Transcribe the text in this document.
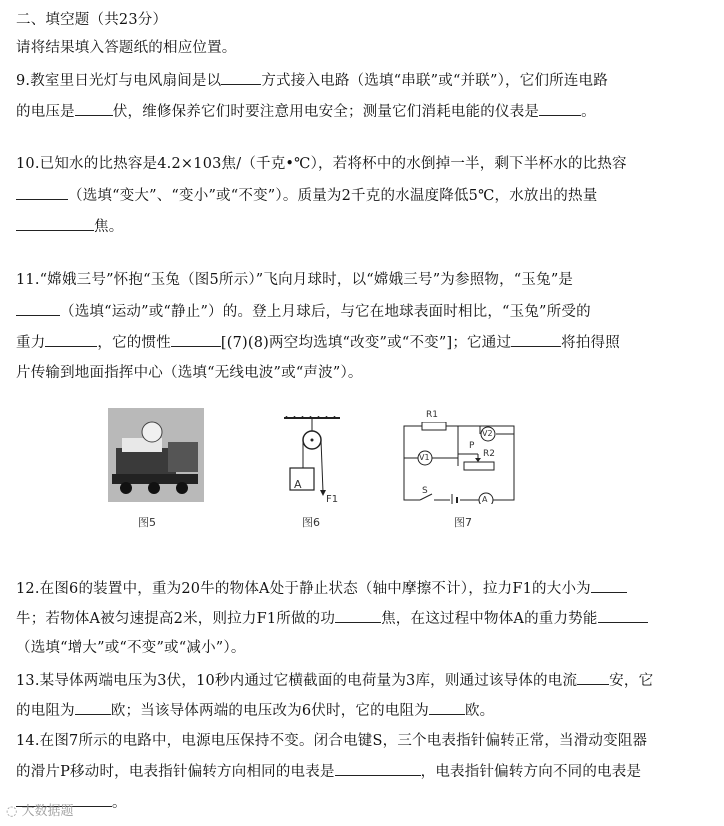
二、填空题（共23分）
请将结果填入答题纸的相应位置。
9.教室里日光灯与电风扇间是以	方式接入电路（选填“串联”或“并联”），它们所连电路
的电压是	伏，维修保养它们时要注意用电安全；测量它们消耗电能的仪表是	。
10.已知水的比热容是4.2×103焦/（千克•℃），若将杯中的水倒掉一半，剩下半杯水的比热容
（选填“变大”、“变小”或“不变”）。质量为2千克的水温度降低5℃，水放出的热量
焦。
11.“嫦娥三号”怀抱“玉兔（图5所示）”飞向月球时，以“嫦娥三号”为参照物，“玉兔”是
（选填“运动”或“静止”）的。登上月球后，与它在地球表面时相比，“玉兔”所受的
重力	，它的惯性	[(7)(8)两空均选填“改变”或“不变”]；它通过	将拍得照
片传输到地面指挥中心（选填“无线电波”或“声波”）。
图5
A
F1
图6
R1
R2
P
S
V1
V2
A
图7
12.在图6的装置中，重为20牛的物体A处于静止状态（轴中摩擦不计），拉力F1的大小为
牛；若物体A被匀速提高2米，则拉力F1所做的功	焦，在这过程中物体A的重力势能
（选填“增大”或“不变”或“减小”）。
13.某导体两端电压为3伏，10秒内通过它横截面的电荷量为3库，则通过该导体的电流 安，它
的电阻为 欧；当该导体两端的电压改为6伏时，它的电阻为 欧。
14.在图7所示的电路中，电源电压保持不变。闭合电键S，三个电表指针偏转正常，当滑动变阻器
的滑片P移动时，电表指针偏转方向相同的电表是	，电表指针偏转方向不同的电表是
。
◌ 大数据题
